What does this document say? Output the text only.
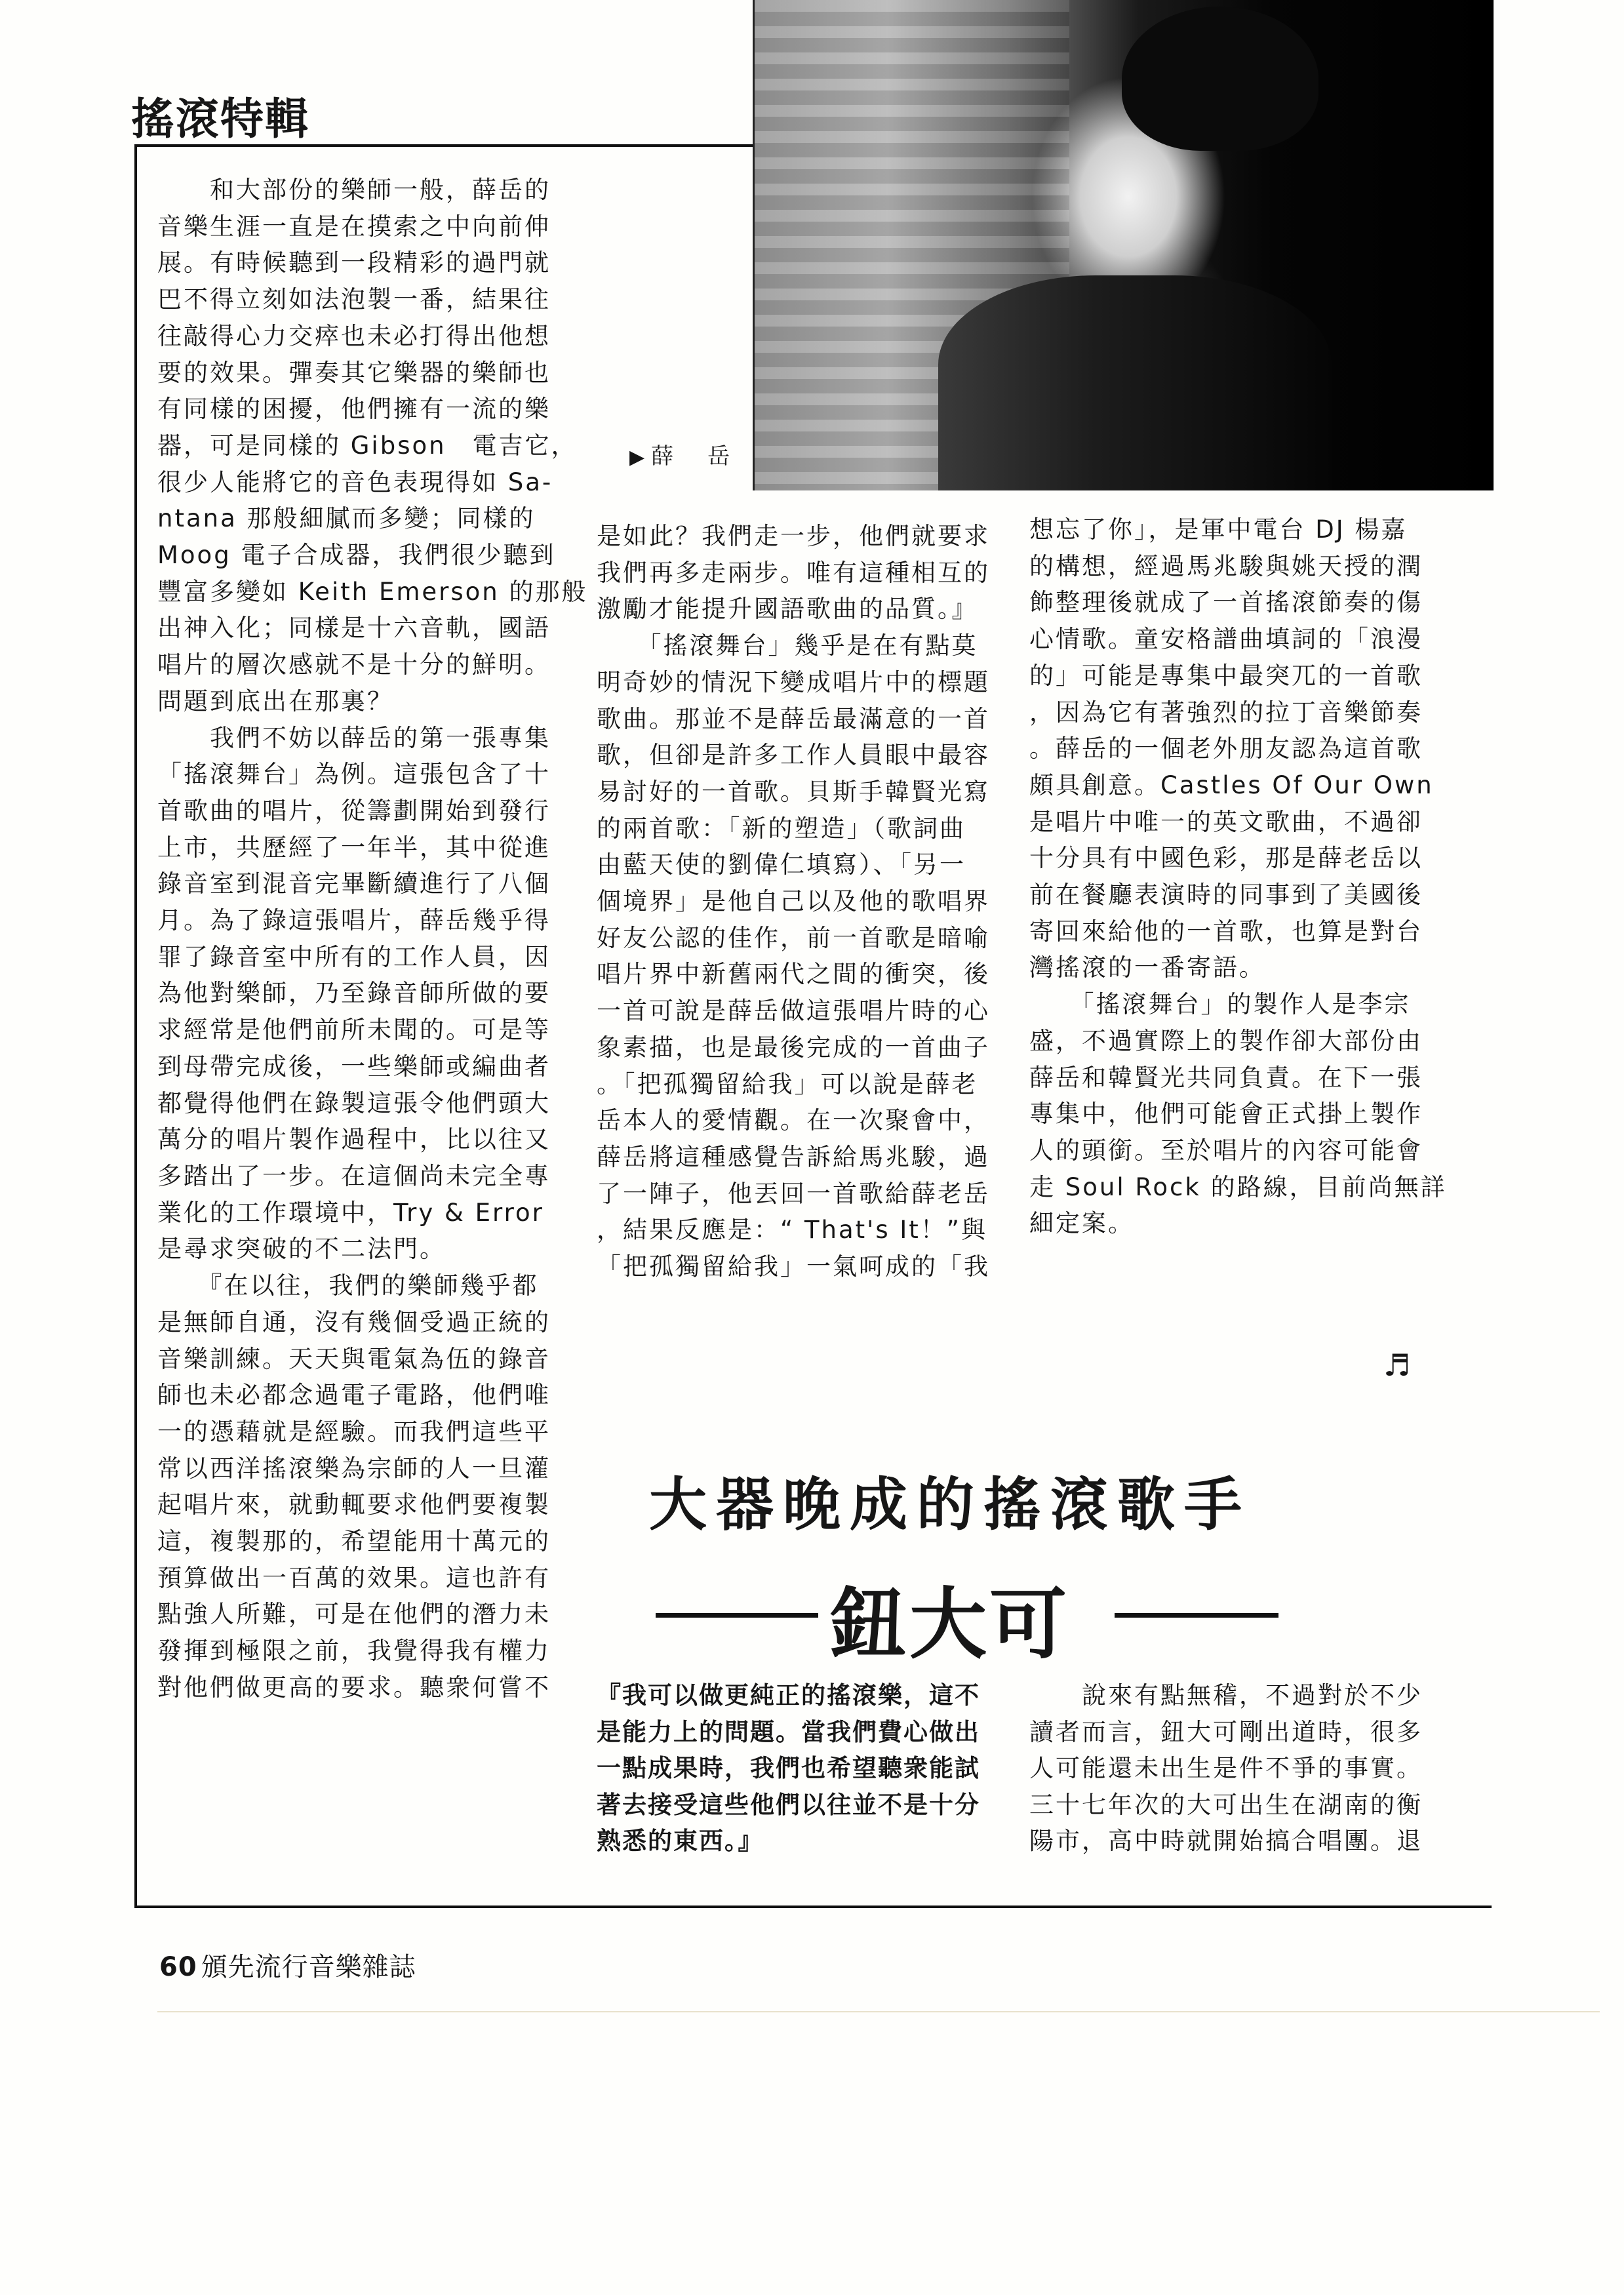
搖滾特輯
▶ 薛 岳

　　和大部份的樂師一般，薛岳的

音樂生涯一直是在摸索之中向前伸

展。有時候聽到一段精彩的過門就

巴不得立刻如法泡製一番，結果往

往敲得心力交瘁也未必打得出他想

要的效果。彈奏其它樂器的樂師也

有同樣的困擾，他們擁有一流的樂

器，可是同樣的 Gibson　電吉它，

很少人能將它的音色表現得如 Sa-

ntana 那般細膩而多變；同樣的

Moog 電子合成器，我們很少聽到

豐富多變如 Keith Emerson 的那般

出神入化；同樣是十六音軌，國語

唱片的層次感就不是十分的鮮明。

問題到底出在那裏？

　　我們不妨以薛岳的第一張專集

「搖滾舞台」為例。這張包含了十

首歌曲的唱片，從籌劃開始到發行

上市，共歷經了一年半，其中從進

錄音室到混音完畢斷續進行了八個

月。為了錄這張唱片，薛岳幾乎得

罪了錄音室中所有的工作人員，因

為他對樂師，乃至錄音師所做的要

求經常是他們前所未聞的。可是等

到母帶完成後，一些樂師或編曲者

都覺得他們在錄製這張令他們頭大

萬分的唱片製作過程中，比以往又

多踏出了一步。在這個尚未完全專

業化的工作環境中，Try & Error

是尋求突破的不二法門。

　　『在以往，我們的樂師幾乎都

是無師自通，沒有幾個受過正統的

音樂訓練。天天與電氣為伍的錄音

師也未必都念過電子電路，他們唯

一的憑藉就是經驗。而我們這些平

常以西洋搖滾樂為宗師的人一旦灌

起唱片來，就動輒要求他們要複製

這，複製那的，希望能用十萬元的

預算做出一百萬的效果。這也許有

點強人所難，可是在他們的潛力未

發揮到極限之前，我覺得我有權力

對他們做更高的要求。聽衆何嘗不

是如此？我們走一步，他們就要求

我們再多走兩步。唯有這種相互的

激勵才能提升國語歌曲的品質。』

　　「搖滾舞台」幾乎是在有點莫

明奇妙的情況下變成唱片中的標題

歌曲。那並不是薛岳最滿意的一首

歌，但卻是許多工作人員眼中最容

易討好的一首歌。貝斯手韓賢光寫

的兩首歌：「新的塑造」（歌詞曲

由藍天使的劉偉仁填寫）、「另一

個境界」是他自己以及他的歌唱界

好友公認的佳作，前一首歌是暗喻

唱片界中新舊兩代之間的衝突，後

一首可說是薛岳做這張唱片時的心

象素描，也是最後完成的一首曲子

。「把孤獨留給我」可以說是薛老

岳本人的愛情觀。在一次聚會中，

薛岳將這種感覺告訴給馬兆駿，過

了一陣子，他丟回一首歌給薛老岳

，結果反應是：“ That's It！”與

「把孤獨留給我」一氣呵成的「我

想忘了你」，是軍中電台 DJ 楊嘉

的構想，經過馬兆駿與姚天授的潤

飾整理後就成了一首搖滾節奏的傷

心情歌。童安格譜曲填詞的「浪漫

的」可能是專集中最突兀的一首歌

，因為它有著強烈的拉丁音樂節奏

。薛岳的一個老外朋友認為這首歌

頗具創意。Castles Of Our Own

是唱片中唯一的英文歌曲，不過卻

十分具有中國色彩，那是薛老岳以

前在餐廳表演時的同事到了美國後

寄回來給他的一首歌，也算是對台

灣搖滾的一番寄語。

　　「搖滾舞台」的製作人是李宗

盛，不過實際上的製作卻大部份由

薛岳和韓賢光共同負責。在下一張

專集中，他們可能會正式掛上製作

人的頭銜。至於唱片的內容可能會

走 Soul Rock 的路線，目前尚無詳

細定案。

♬
大器晚成的搖滾歌手
鈕大可

『我可以做更純正的搖滾樂，這不

是能力上的問題。當我們費心做出

一點成果時，我們也希望聽衆能試

著去接受這些他們以往並不是十分

熟悉的東西。』

　　說來有點無稽，不過對於不少

讀者而言，鈕大可剛出道時，很多

人可能還未出生是件不爭的事實。

三十七年次的大可出生在湖南的衡

陽市，高中時就開始搞合唱團。退

60 頒先流行音樂雜誌
